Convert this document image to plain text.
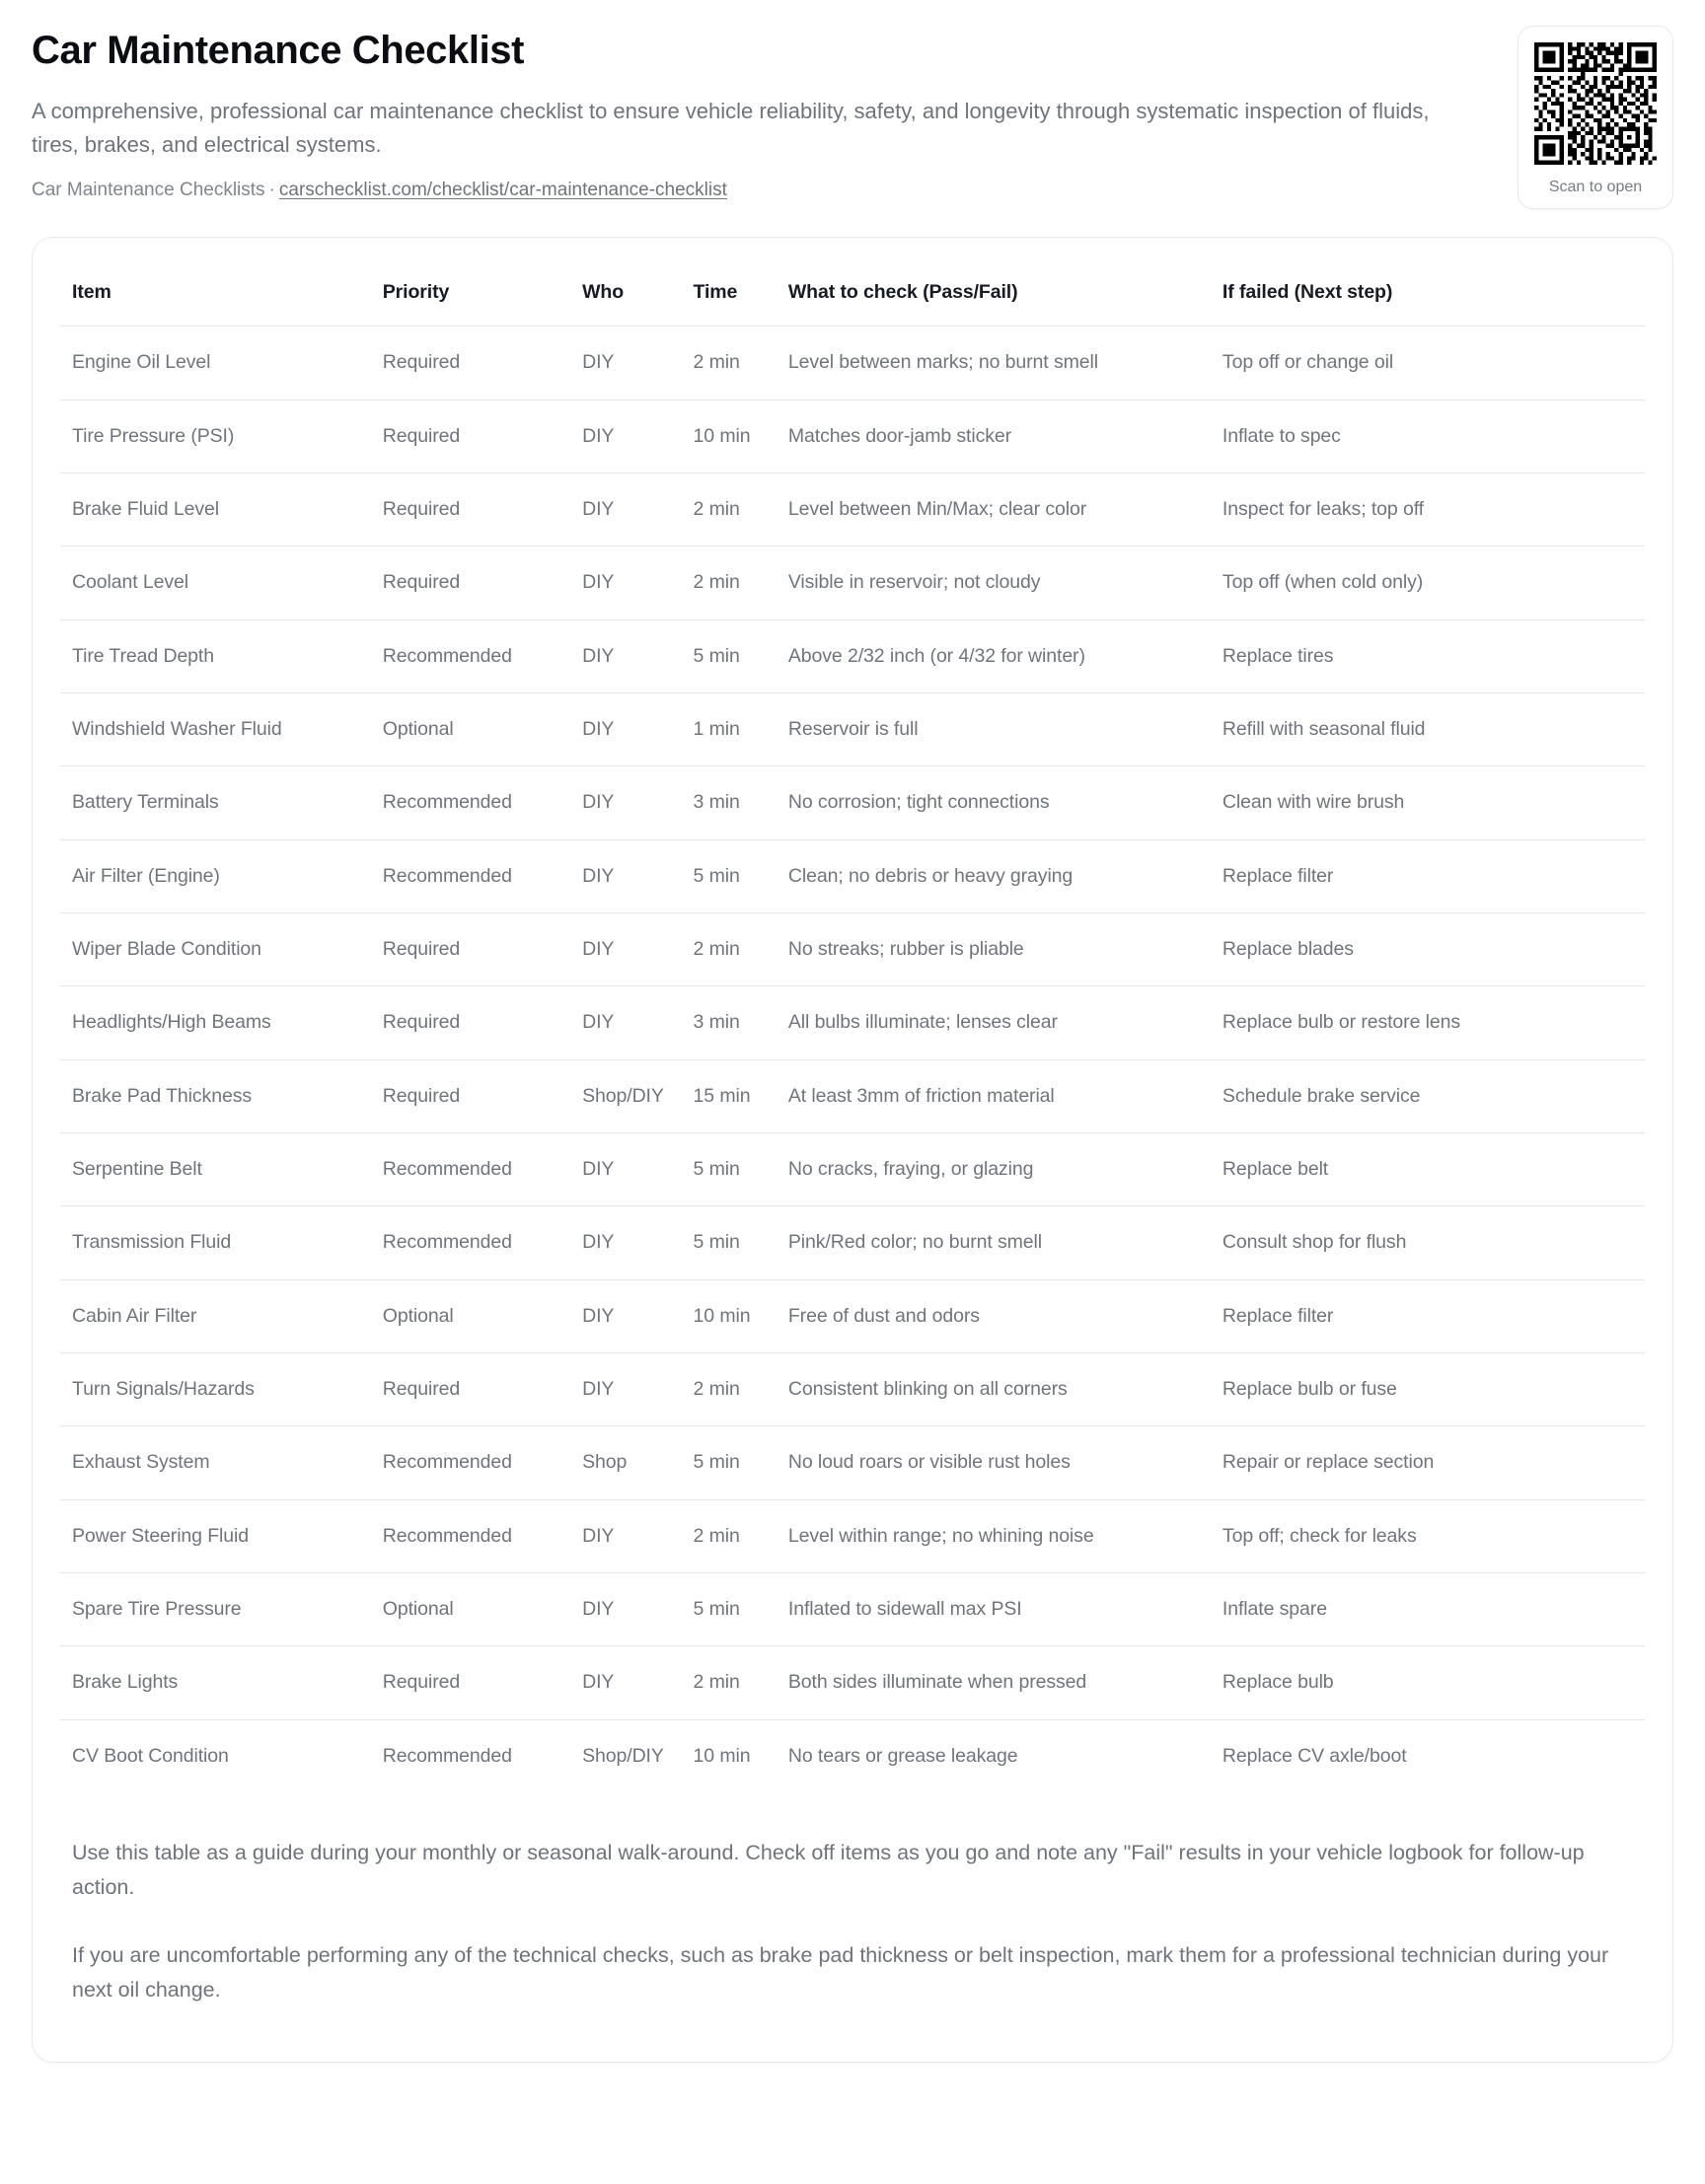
Car Maintenance Checklist

A comprehensive, professional car maintenance checklist to ensure vehicle reliability, safety, and longevity through systematic inspection of fluids, tires, brakes, and electrical systems.

Car Maintenance Checklists · carschecklist.com/checklist/car-maintenance-checklist	Scan to open
Item	Priority	Who	Time	What to check (Pass/Fail)	If failed (Next step)
Engine Oil Level	Required	DIY	2 min	Level between marks; no burnt smell	Top off or change oil
Tire Pressure (PSI)	Required	DIY	10 min	Matches door-jamb sticker	Inflate to spec
Brake Fluid Level	Required	DIY	2 min	Level between Min/Max; clear color	Inspect for leaks; top off
Coolant Level	Required	DIY	2 min	Visible in reservoir; not cloudy	Top off (when cold only)
Tire Tread Depth	Recommended	DIY	5 min	Above 2/32 inch (or 4/32 for winter)	Replace tires
Windshield Washer Fluid	Optional	DIY	1 min	Reservoir is full	Refill with seasonal fluid
Battery Terminals	Recommended	DIY	3 min	No corrosion; tight connections	Clean with wire brush
Air Filter (Engine)	Recommended	DIY	5 min	Clean; no debris or heavy graying	Replace filter
Wiper Blade Condition	Required	DIY	2 min	No streaks; rubber is pliable	Replace blades
Headlights/High Beams	Required	DIY	3 min	All bulbs illuminate; lenses clear	Replace bulb or restore lens
Brake Pad Thickness	Required	Shop/DIY	15 min	At least 3mm of friction material	Schedule brake service
Serpentine Belt	Recommended	DIY	5 min	No cracks, fraying, or glazing	Replace belt
Transmission Fluid	Recommended	DIY	5 min	Pink/Red color; no burnt smell	Consult shop for flush
Cabin Air Filter	Optional	DIY	10 min	Free of dust and odors	Replace filter
Turn Signals/Hazards	Required	DIY	2 min	Consistent blinking on all corners	Replace bulb or fuse
Exhaust System	Recommended	Shop	5 min	No loud roars or visible rust holes	Repair or replace section
Power Steering Fluid	Recommended	DIY	2 min	Level within range; no whining noise	Top off; check for leaks
Spare Tire Pressure	Optional	DIY	5 min	Inflated to sidewall max PSI	Inflate spare
Brake Lights	Required	DIY	2 min	Both sides illuminate when pressed	Replace bulb
CV Boot Condition	Recommended	Shop/DIY	10 min	No tears or grease leakage	Replace CV axle/boot

Use this table as a guide during your monthly or seasonal walk-around. Check off items as you go and note any "Fail" results in your vehicle logbook for follow-up action.

If you are uncomfortable performing any of the technical checks, such as brake pad thickness or belt inspection, mark them for a professional technician during your next oil change.
